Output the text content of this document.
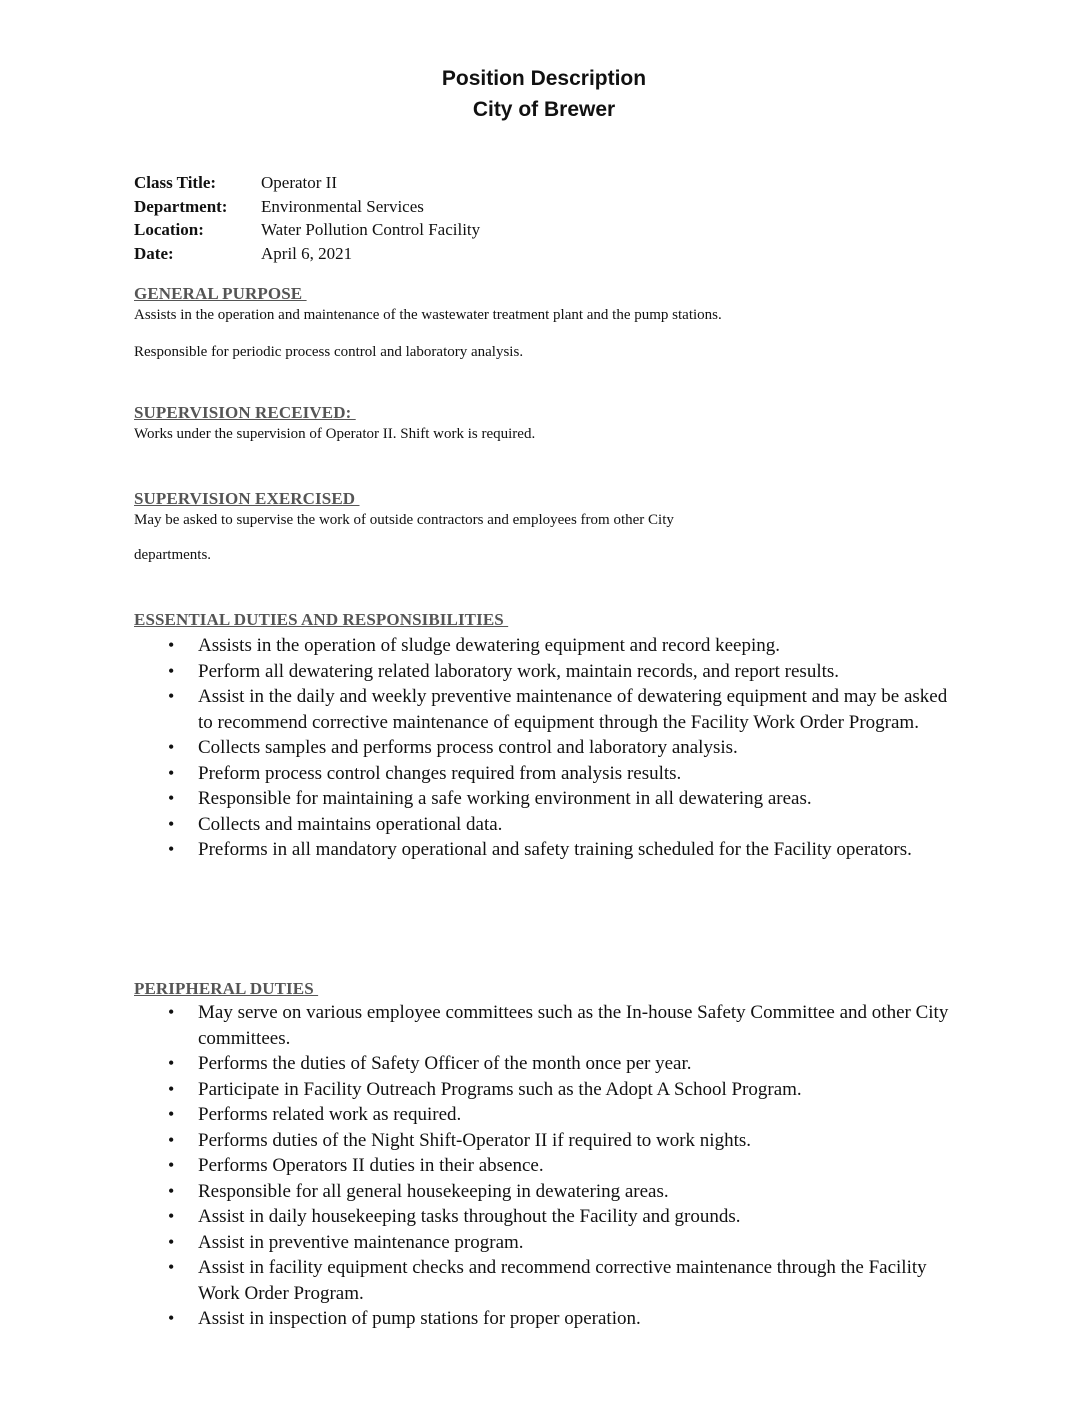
Position Description
City of Brewer
Class Title:	Operator II
Department:	Environmental Services
Location:	Water Pollution Control Facility
Date:	April 6, 2021
GENERAL PURPOSE
Assists in the operation and maintenance of the wastewater treatment plant and the pump stations.
Responsible for periodic process control and laboratory analysis.
SUPERVISION RECEIVED:
Works under the supervision of Operator II. Shift work is required.
SUPERVISION EXERCISED
May be asked to supervise the work of outside contractors and employees from other City
departments.
ESSENTIAL DUTIES AND RESPONSIBILITIES
• Assists in the operation of sludge dewatering equipment and record keeping.
• Perform all dewatering related laboratory work, maintain records, and report results.
• Assist in the daily and weekly preventive maintenance of dewatering equipment and may be asked to recommend corrective maintenance of equipment through the Facility Work Order Program.
• Collects samples and performs process control and laboratory analysis.
• Preform process control changes required from analysis results.
• Responsible for maintaining a safe working environment in all dewatering areas.
• Collects and maintains operational data.
• Preforms in all mandatory operational and safety training scheduled for the Facility operators.
PERIPHERAL DUTIES
• May serve on various employee committees such as the In-house Safety Committee and other City committees.
• Performs the duties of Safety Officer of the month once per year.
• Participate in Facility Outreach Programs such as the Adopt A School Program.
• Performs related work as required.
• Performs duties of the Night Shift-Operator II if required to work nights.
• Performs Operators II duties in their absence.
• Responsible for all general housekeeping in dewatering areas.
• Assist in daily housekeeping tasks throughout the Facility and grounds.
• Assist in preventive maintenance program.
• Assist in facility equipment checks and recommend corrective maintenance through the Facility Work Order Program.
• Assist in inspection of pump stations for proper operation.
